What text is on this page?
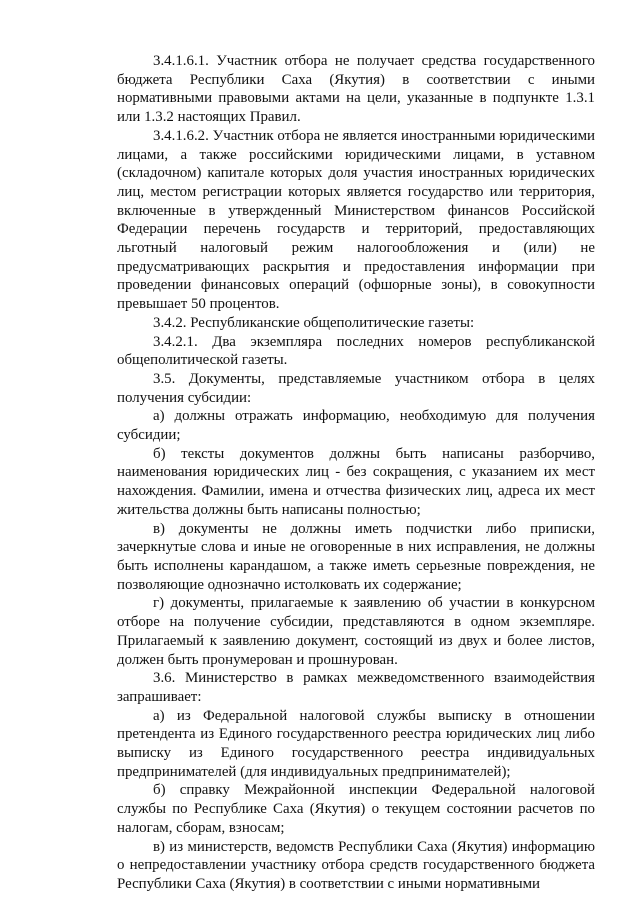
3.4.1.6.1. Участник отбора не получает средства государственного бюджета Республики Саха (Якутия) в соответствии с иными нормативными правовыми актами на цели, указанные в подпункте 1.3.1 или 1.3.2 настоящих Правил.

3.4.1.6.2. Участник отбора не является иностранными юридическими лицами, а также российскими юридическими лицами, в уставном (складочном) капитале которых доля участия иностранных юридических лиц, местом регистрации которых является государство или территория, включенные в утвержденный Министерством финансов Российской Федерации перечень государств и территорий, предоставляющих льготный налоговый режим налогообложения и (или) не предусматривающих раскрытия и предоставления информации при проведении финансовых операций (офшорные зоны), в совокупности превышает 50 процентов.

3.4.2. Республиканские общеполитические газеты:

3.4.2.1. Два экземпляра последних номеров республиканской общеполитической газеты.

3.5. Документы, представляемые участником отбора в целях получения субсидии:

а) должны отражать информацию, необходимую для получения субсидии;

б) тексты документов должны быть написаны разборчиво, наименования юридических лиц - без сокращения, с указанием их мест нахождения. Фамилии, имена и отчества физических лиц, адреса их мест жительства должны быть написаны полностью;

в) документы не должны иметь подчистки либо приписки, зачеркнутые слова и иные не оговоренные в них исправления, не должны быть исполнены карандашом, а также иметь серьезные повреждения, не позволяющие однозначно истолковать их содержание;

г) документы, прилагаемые к заявлению об участии в конкурсном отборе на получение субсидии, представляются в одном экземпляре. Прилагаемый к заявлению документ, состоящий из двух и более листов, должен быть пронумерован и прошнурован.

3.6. Министерство в рамках межведомственного взаимодействия запрашивает:

а) из Федеральной налоговой службы выписку в отношении претендента из Единого государственного реестра юридических лиц либо выписку из Единого государственного реестра индивидуальных предпринимателей (для индивидуальных предпринимателей);

б) справку Межрайонной инспекции Федеральной налоговой службы по Республике Саха (Якутия) о текущем состоянии расчетов по налогам, сборам, взносам;

в) из министерств, ведомств Республики Саха (Якутия) информацию о непредоставлении участнику отбора средств государственного бюджета Республики Саха (Якутия) в соответствии с иными нормативными
